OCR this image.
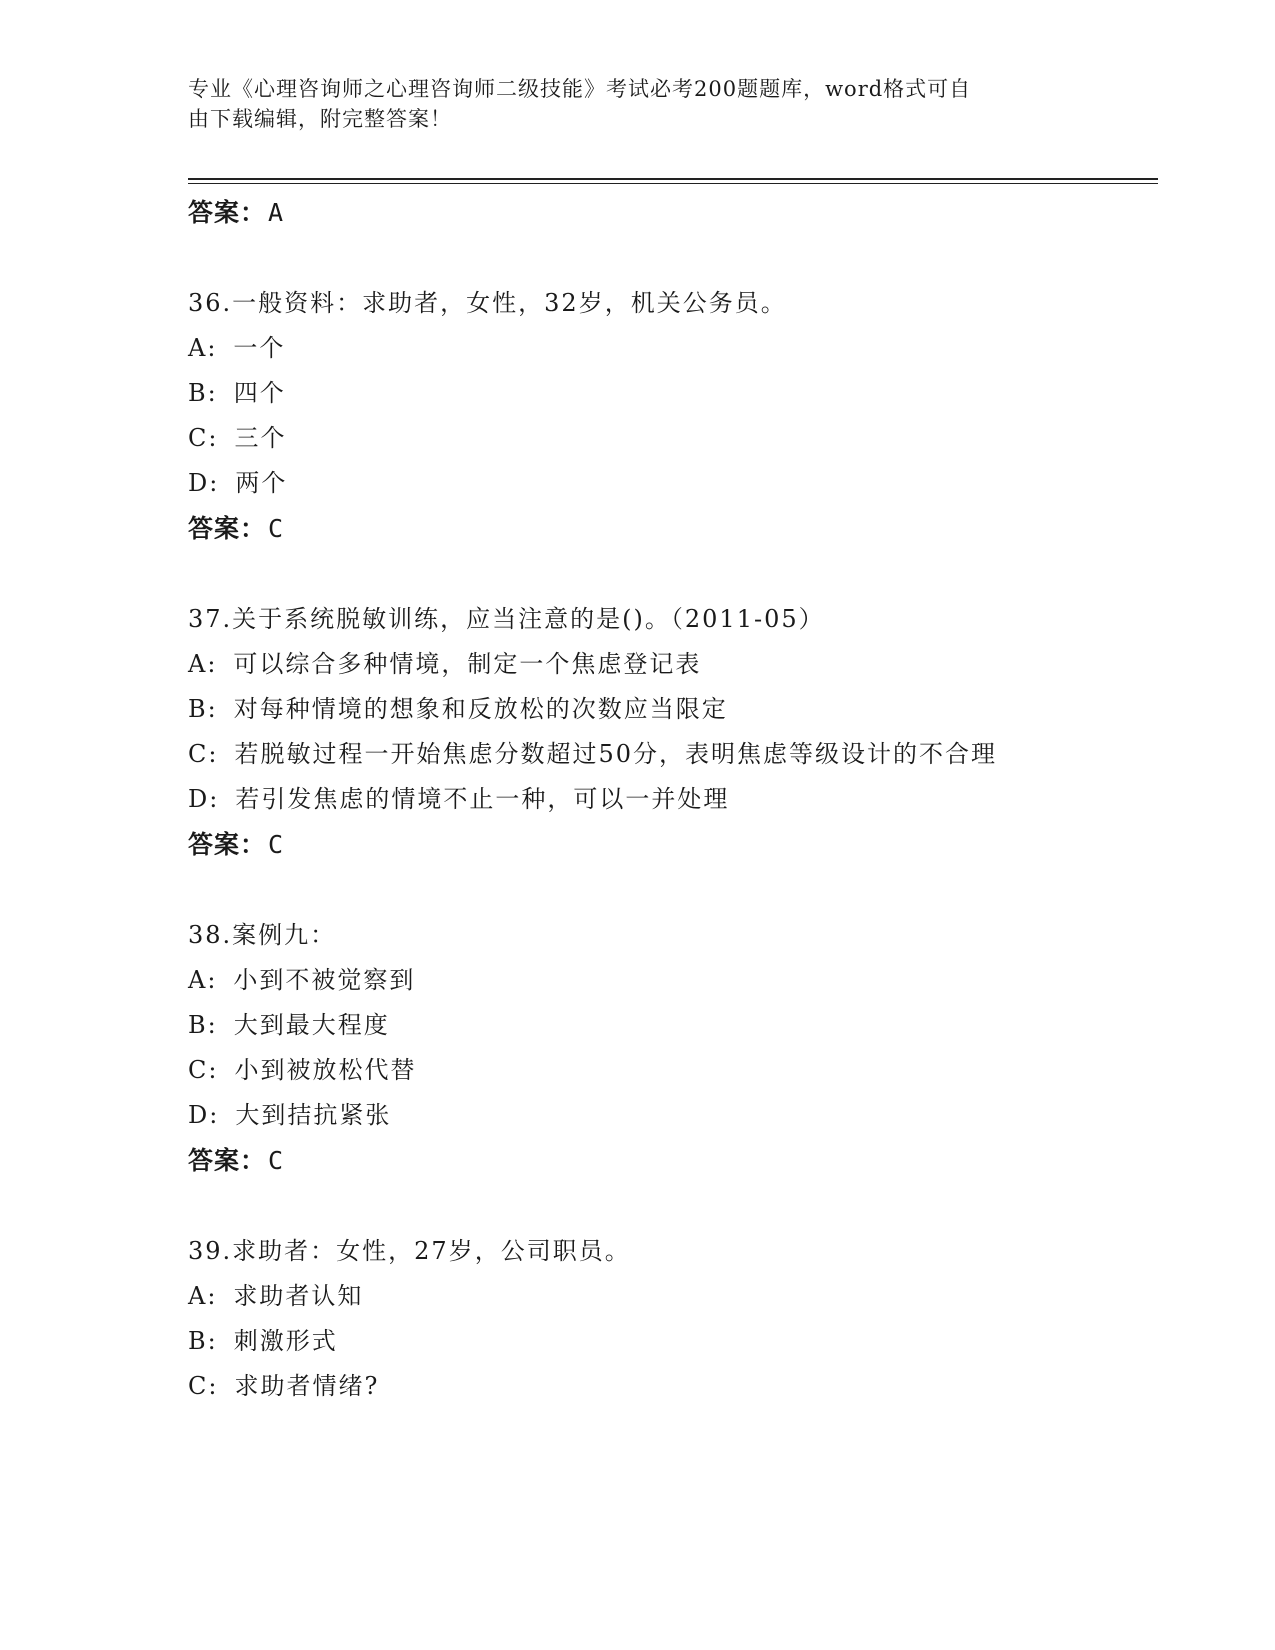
专业《心理咨询师之心理咨询师二级技能》考试必考200题题库，word格式可自
由下载编辑，附完整答案！
答案：A
36.一般资料：求助者，女性，32岁，机关公务员。
A: 一个
B: 四个
C: 三个
D: 两个
答案：C
37.关于系统脱敏训练，应当注意的是()。（2011-05）
A: 可以综合多种情境，制定一个焦虑登记表
B: 对每种情境的想象和反放松的次数应当限定
C: 若脱敏过程一开始焦虑分数超过50分，表明焦虑等级设计的不合理
D: 若引发焦虑的情境不止一种，可以一并处理
答案：C
38.案例九：
A: 小到不被觉察到
B: 大到最大程度
C: 小到被放松代替
D: 大到拮抗紧张
答案：C
39.求助者：女性，27岁，公司职员。
A: 求助者认知
B: 刺激形式
C: 求助者情绪?
